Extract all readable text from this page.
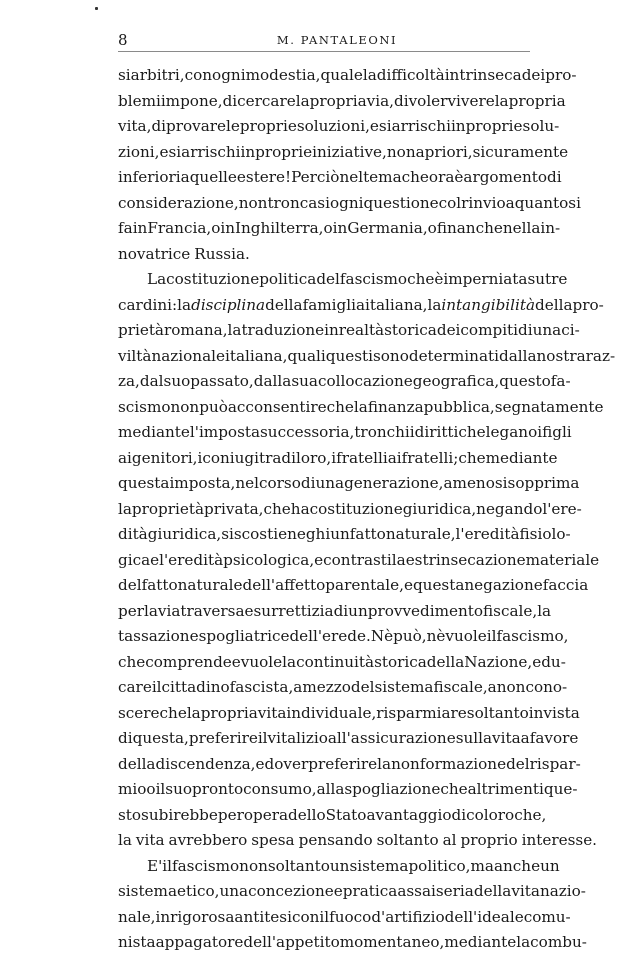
8	M. PANTALEONI
si arbitri, con ogni modestia, quale la difficoltà intrinseca dei pro-
blemi impone, di cercare la propria via, di voler vivere la propria
vita, di provare le proprie soluzioni, e si arrischi in proprie solu-
zioni, e si arrischi in proprie iniziative, non a priori, sicuramente
inferiori a quelle estere! Perciò nel tema che ora è argomento di
considerazione, non troncasi ogni questione col rinvio a quanto si
fa in Francia, o in Inghilterra, o in Germania, o finanche nella in-
novatrice Russia.
La costituzione politica del fascismo che è imperniata su tre
cardini : la disciplina della famiglia italiana, la intangibilità della pro-
prietà romana, la traduzione in realtà storica dei compiti di una ci-
viltà nazionale italiana, quali questi sono determinati dalla nostra raz-
za, dal suo passato, dalla sua collocazione geografica, questo fa-
scismo non può acconsentire che la finanza pubblica, segnatamente
mediante l'imposta successoria, tronchi i diritti che legano i figli
ai genitori, i coniugi tra di loro, i fratelli ai fratelli; che mediante
questa imposta, nel corso di una generazione, a meno si sopprima
la proprietà privata, che ha costituzione giuridica, negando l'ere-
dità giuridica, si scosti e neghi un fatto naturale, l'eredità fisiolo-
gica e l'eredità psicologica, e contrasti la estrinsecazione materiale
del fatto naturale dell'affetto parentale, e questa negazione faccia
per la via traversa e surrettizia di un provvedimento fiscale, la
tassazione spogliatrice dell'erede. Nè può, nè vuole il fascismo,
che comprende e vuole la continuità storica della Nazione, edu-
care il cittadino fascista, a mezzo del sistema fiscale, a non cono-
scere che la propria vita individuale, risparmiare soltanto in vista
di questa, preferire il vitalizio all'assicurazione sulla vita a favore
della discendenza, e dover preferire la non formazione del rispar-
mio o il suo pronto consumo, alla spogliazione che altrimenti que-
sto subirebbe per opera dello Stato a vantaggio di coloro che,
la vita avrebbero spesa pensando soltanto al proprio interesse.
E' il fascismo non soltanto un sistema politico, ma anche un
sistema etico, una concezione e pratica assai seria della vita nazio-
nale, in rigorosa antitesi con il fuoco d'artifizio dell'ideale comu-
nista appagatore dell'appetito momentaneo, mediante la combu-
